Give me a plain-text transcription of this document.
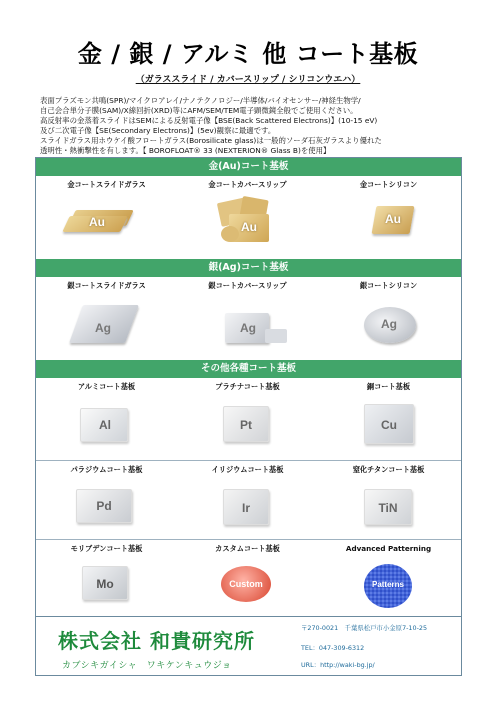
金 / 銀 / アルミ 他 コート基板
（ガラススライド / カバースリップ / シリコンウエハ）
表面プラズモン共鳴(SPR)/マイクロアレイ/ナノテクノロジー/半導体/バイオセンサー/神経生物学/
自己会合単分子膜(SAM)/X線回折(XRD)等にAFM/SEM/TEM電子顕微鏡全般でご使用ください。
高反射率の金蒸着スライドはSEMによる反射電子像【BSE(Back Scattered Electrons)】(10-15 eV)
及び二次電子像【SE(Secondary Electrons)】(5ev)観察に最適です。
スライドガラス用ホウケイ酸フロートガラス(Borosilicate glass)は一般的ソーダ石灰ガラスより優れた
透明性・熱衝撃性を有します。【 BOROFLOAT® 33 (NEXTERION® Glass B)を使用】
金(Au)コート基板
金コートスライドガラス
Au
金コートカバースリップ
Au
金コートシリコン
Au
銀(Ag)コート基板
銀コートスライドガラス
Ag
銀コートカバースリップ
Ag
銀コートシリコン
Ag
その他各種コート基板
アルミコート基板
Al
プラチナコート基板
Pt
銅コート基板
Cu
パラジウムコート基板
Pd
イリジウムコート基板
Ir
窒化チタンコート基板
TiN
モリブデンコート基板
Mo
カスタムコート基板
Custom
Advanced Patterning
Patterns
株式会社 和貴研究所
カブシキガイシャ　ワキケンキュウジョ
〒270-0021　千葉県松戸市小金原7-10-25
TEL：047-309-6312
URL：http://waki-bg.jp/
